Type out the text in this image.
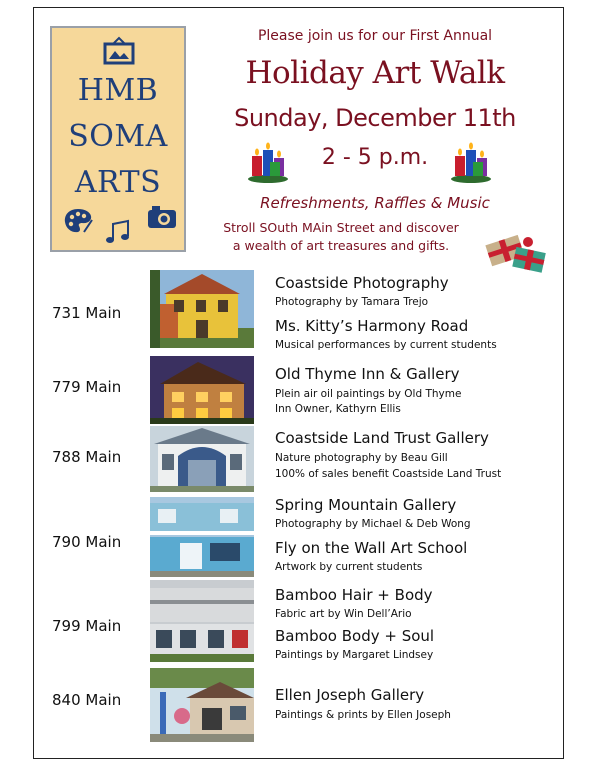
HMB
SOMA
ARTS
Please join us for our First Annual
Holiday Art Walk
Sunday, December 11th
2 - 5 p.m.
Refreshments, Raffles & Music
Stroll SOuth MAin Street and discover
a wealth of art treasures and gifts.
731 Main
Coastside Photography
Photography by Tamara Trejo
Ms. Kitty’s Harmony Road
Musical performances by current students
779 Main
Old Thyme Inn & Gallery
Plein air oil paintings by Old Thyme
Inn Owner, Kathyrn Ellis
788 Main
Coastside Land Trust Gallery
Nature photography by Beau Gill
100% of sales benefit Coastside Land Trust
790 Main
Spring Mountain Gallery
Photography by Michael & Deb Wong
Fly on the Wall Art School
Artwork by current students
799 Main
Bamboo Hair + Body
Fabric art by Win Dell’Ario
Bamboo Body + Soul
Paintings by Margaret Lindsey
840 Main	Ellen Joseph Gallery
Paintings & prints by Ellen Joseph
